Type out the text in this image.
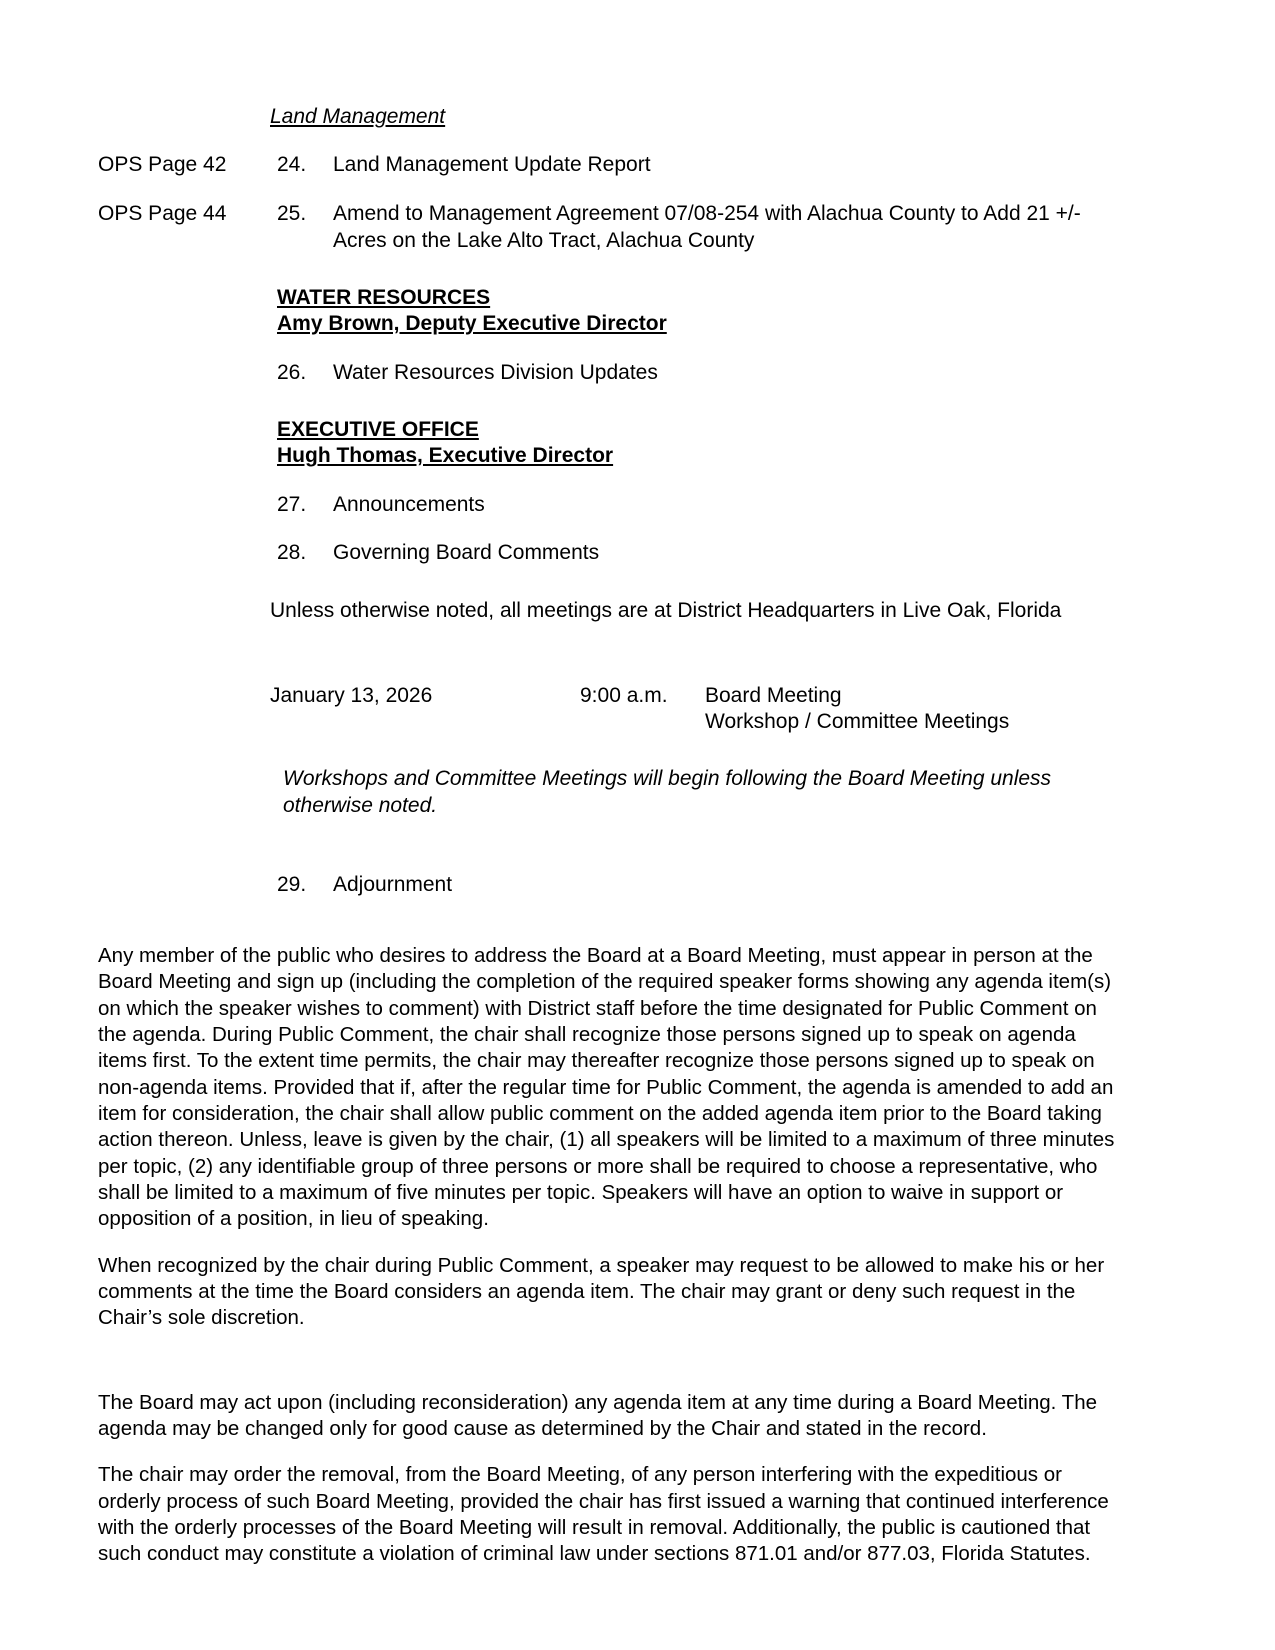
Land Management
OPS Page 42	24.	Land Management Update Report
OPS Page 44	25.	Amend to Management Agreement 07/08-254 with Alachua County to Add 21 +/- Acres on the Lake Alto Tract, Alachua County
WATER RESOURCES
Amy Brown, Deputy Executive Director
26.	Water Resources Division Updates
EXECUTIVE OFFICE
Hugh Thomas, Executive Director
27.	Announcements
28.	Governing Board Comments
Unless otherwise noted, all meetings are at District Headquarters in Live Oak, Florida
January 13, 2026	9:00 a.m.	Board Meeting
Workshop / Committee Meetings
Workshops and Committee Meetings will begin following the Board Meeting unless otherwise noted.
29.	Adjournment
Any member of the public who desires to address the Board at a Board Meeting, must appear in person at the Board Meeting and sign up (including the completion of the required speaker forms showing any agenda item(s) on which the speaker wishes to comment) with District staff before the time designated for Public Comment on the agenda. During Public Comment, the chair shall recognize those persons signed up to speak on agenda items first. To the extent time permits, the chair may thereafter recognize those persons signed up to speak on non-agenda items. Provided that if, after the regular time for Public Comment, the agenda is amended to add an item for consideration, the chair shall allow public comment on the added agenda item prior to the Board taking action thereon. Unless, leave is given by the chair, (1) all speakers will be limited to a maximum of three minutes per topic, (2) any identifiable group of three persons or more shall be required to choose a representative, who shall be limited to a maximum of five minutes per topic. Speakers will have an option to waive in support or opposition of a position, in lieu of speaking.
When recognized by the chair during Public Comment, a speaker may request to be allowed to make his or her comments at the time the Board considers an agenda item. The chair may grant or deny such request in the Chair’s sole discretion.
The Board may act upon (including reconsideration) any agenda item at any time during a Board Meeting. The agenda may be changed only for good cause as determined by the Chair and stated in the record.
The chair may order the removal, from the Board Meeting, of any person interfering with the expeditious or orderly process of such Board Meeting, provided the chair has first issued a warning that continued interference with the orderly processes of the Board Meeting will result in removal. Additionally, the public is cautioned that such conduct may constitute a violation of criminal law under sections 871.01 and/or 877.03, Florida Statutes.
